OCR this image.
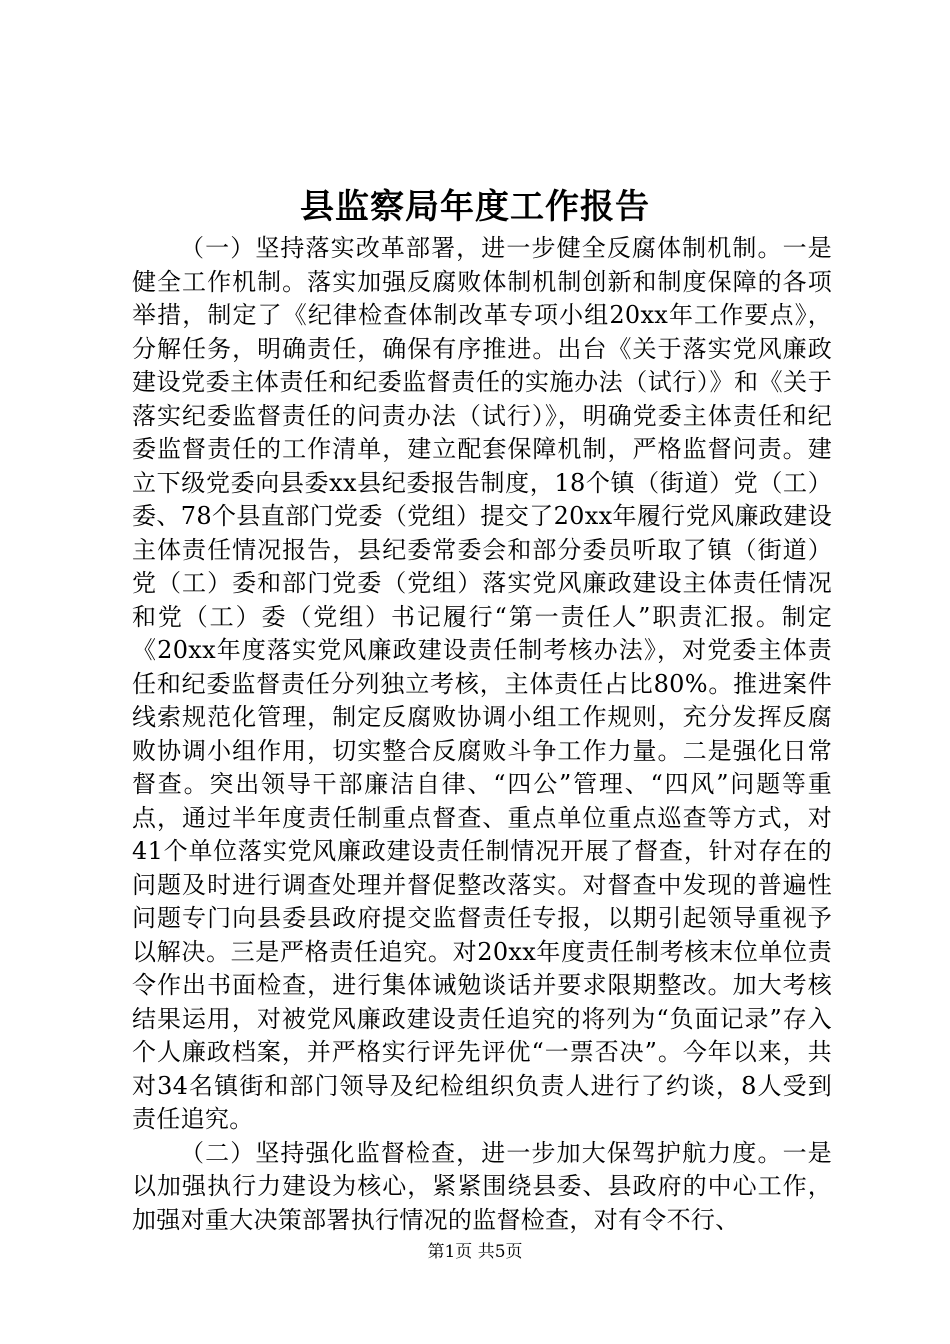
县监察局年度工作报告

（一）坚持落实改革部署，进一步健全反腐体制机制。一是健全工作机制。落实加强反腐败体制机制创新和制度保障的各项举措，制定了《纪律检查体制改革专项小组20xx年工作要点》，分解任务，明确责任，确保有序推进。出台《关于落实党风廉政建设党委主体责任和纪委监督责任的实施办法（试行）》和《关于落实纪委监督责任的问责办法（试行）》，明确党委主体责任和纪委监督责任的工作清单，建立配套保障机制，严格监督问责。建立下级党委向县委xx县纪委报告制度，18个镇（街道）党（工）委、78个县直部门党委（党组）提交了20xx年履行党风廉政建设主体责任情况报告，县纪委常委会和部分委员听取了镇（街道）党（工）委和部门党委（党组）落实党风廉政建设主体责任情况和党（工）委（党组）书记履行“第一责任人”职责汇报。制定《20xx年度落实党风廉政建设责任制考核办法》，对党委主体责任和纪委监督责任分列独立考核，主体责任占比80%。推进案件线索规范化管理，制定反腐败协调小组工作规则，充分发挥反腐败协调小组作用，切实整合反腐败斗争工作力量。二是强化日常督查。突出领导干部廉洁自律、“四公”管理、“四风”问题等重点，通过半年度责任制重点督查、重点单位重点巡查等方式，对41个单位落实党风廉政建设责任制情况开展了督查，针对存在的问题及时进行调查处理并督促整改落实。对督查中发现的普遍性问题专门向县委县政府提交监督责任专报，以期引起领导重视予以解决。三是严格责任追究。对20xx年度责任制考核末位单位责令作出书面检查，进行集体诫勉谈话并要求限期整改。加大考核结果运用，对被党风廉政建设责任追究的将列为“负面记录”存入个人廉政档案，并严格实行评先评优“一票否决”。今年以来，共对34名镇街和部门领导及纪检组织负责人进行了约谈，8人受到责任追究。

（二）坚持强化监督检查，进一步加大保驾护航力度。一是以加强执行力建设为核心，紧紧围绕县委、县政府的中心工作，加强对重大决策部署执行情况的监督检查，对有令不行、

第1页 共5页
